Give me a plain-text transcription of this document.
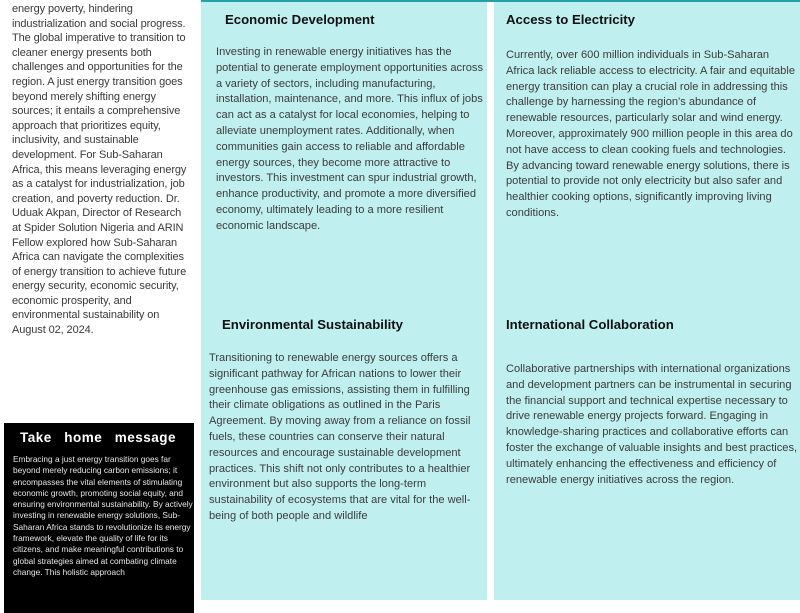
energy poverty, hindering industrialization and social progress. The global imperative to transition to cleaner energy presents both challenges and opportunities for the region. A just energy transition goes beyond merely shifting energy sources; it entails a comprehensive approach that prioritizes equity, inclusivity, and sustainable development. For Sub-Saharan Africa, this means leveraging energy as a catalyst for industrialization, job creation, and poverty reduction. Dr. Uduak Akpan, Director of Research at Spider Solution Nigeria and ARIN Fellow explored how Sub-Saharan Africa can navigate the complexities of energy transition to achieve future energy security, economic security, economic prosperity, and environmental sustainability on August 02, 2024.

Take  home  message

Embracing a just energy transition goes far beyond merely reducing carbon emissions; it encompasses the vital elements of stimulating economic growth, promoting social equity, and ensuring environmental sustainability. By actively investing in renewable energy solutions, Sub-Saharan Africa stands to revolutionize its energy framework, elevate the quality of life for its citizens, and make meaningful contributions to global strategies aimed at combating climate change. This holistic approach

Economic Development

Investing in renewable energy initiatives has the potential to generate employment opportunities across a variety of sectors, including manufacturing, installation, maintenance, and more. This influx of jobs can act as a catalyst for local economies, helping to alleviate unemployment rates. Additionally, when communities gain access to reliable and affordable energy sources, they become more attractive to investors. This investment can spur industrial growth, enhance productivity, and promote a more diversified economy, ultimately leading to a more resilient economic landscape.

Access to Electricity

Currently, over 600 million individuals in Sub-Saharan Africa lack reliable access to electricity. A fair and equitable energy transition can play a crucial role in addressing this challenge by harnessing the region's abundance of renewable resources, particularly solar and wind energy. Moreover, approximately 900 million people in this area do not have access to clean cooking fuels and technologies. By advancing toward renewable energy solutions, there is potential to provide not only electricity but also safer and healthier cooking options, significantly improving living conditions.

Environmental Sustainability

Transitioning to renewable energy sources offers a significant pathway for African nations to lower their greenhouse gas emissions, assisting them in fulfilling their climate obligations as outlined in the Paris Agreement. By moving away from a reliance on fossil fuels, these countries can conserve their natural resources and encourage sustainable development practices. This shift not only contributes to a healthier environment but also supports the long-term sustainability of ecosystems that are vital for the well-being of both people and wildlife

International Collaboration

Collaborative partnerships with international organizations and development partners can be instrumental in securing the financial support and technical expertise necessary to drive renewable energy projects forward. Engaging in knowledge-sharing practices and collaborative efforts can foster the exchange of valuable insights and best practices, ultimately enhancing the effectiveness and efficiency of renewable energy initiatives across the region.
